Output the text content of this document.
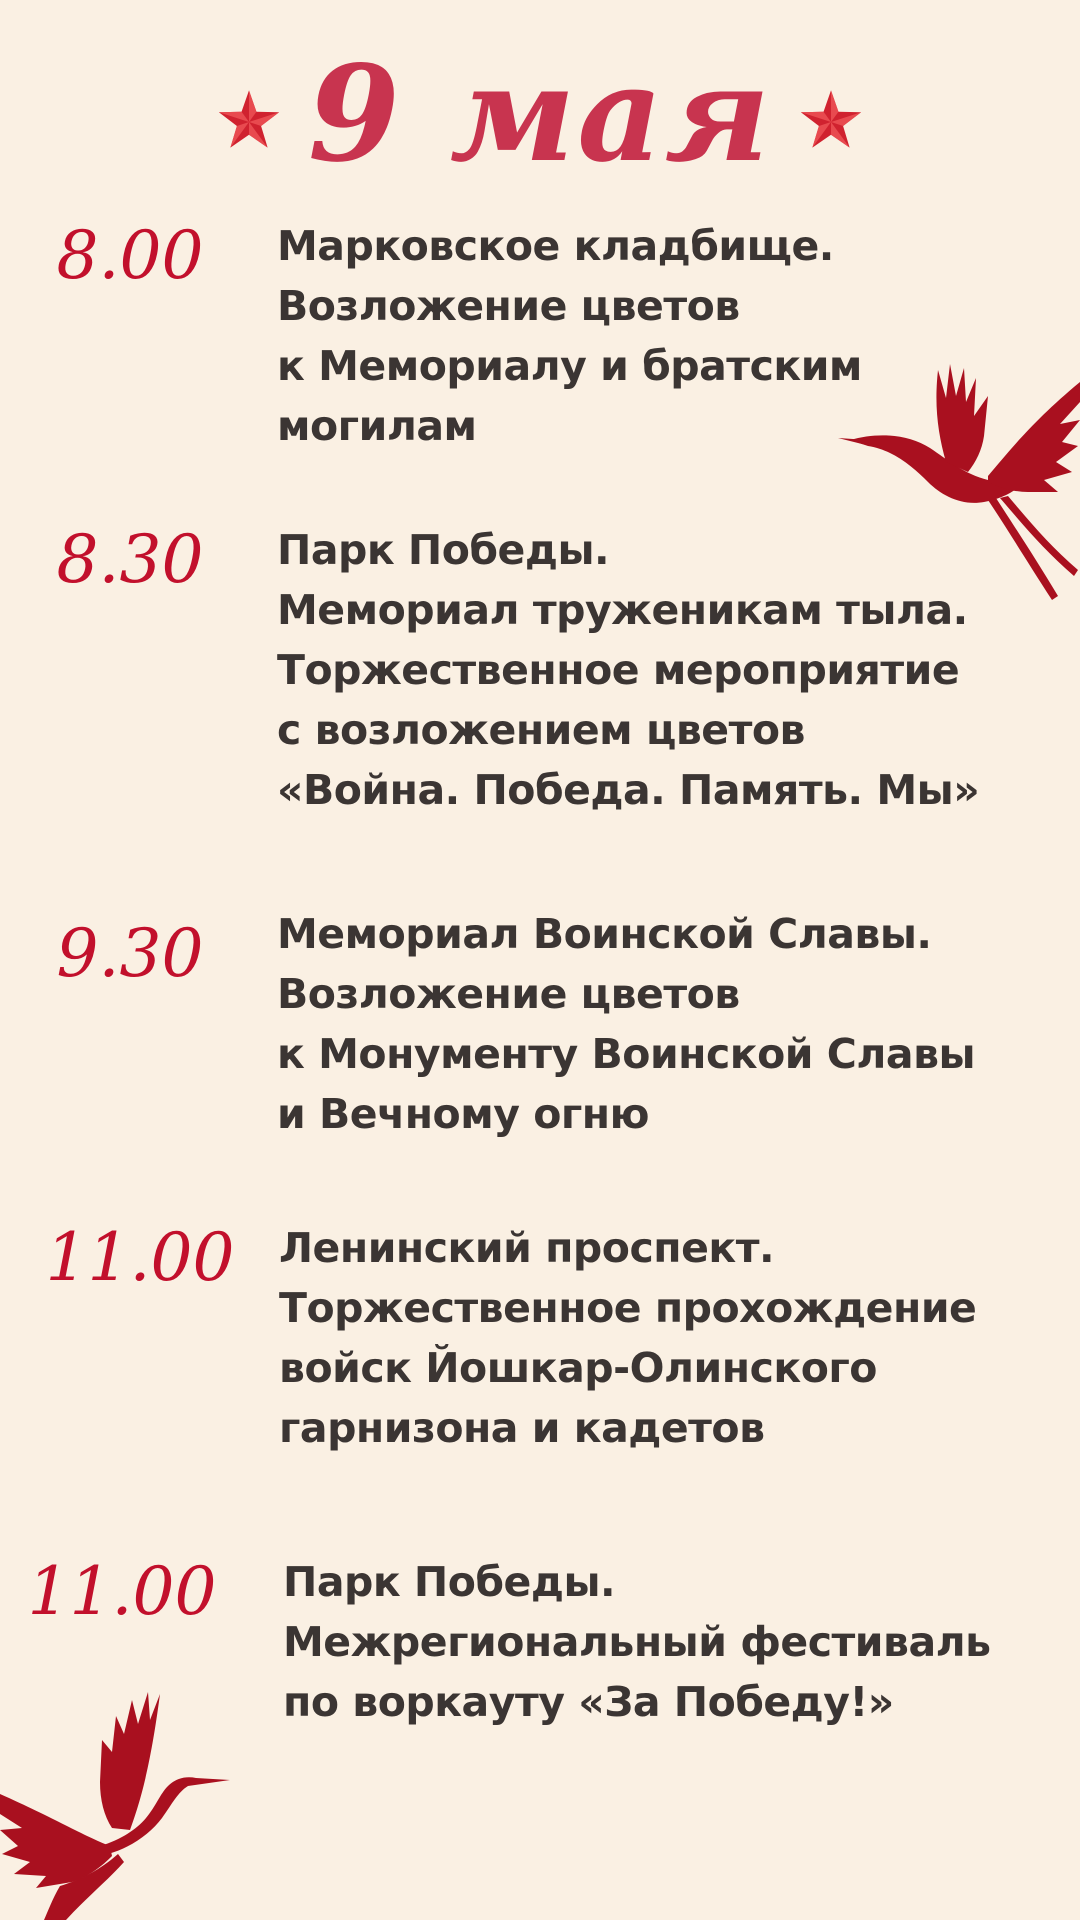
9 мая
8.00	Марковское кладбище.
Возложение цветов
к Мемориалу и братским
могилам
8.30	Парк Победы.
Мемориал труженикам тыла.
Торжественное мероприятие
с возложением цветов
«Война. Победа. Память. Мы»
9.30	Мемориал Воинской Славы.
Возложение цветов
к Монументу Воинской Славы
и Вечному огню
11.00	Ленинский проспект.
Торжественное прохождение
войск Йошкар-Олинского
гарнизона и кадетов
11.00	Парк Победы.
Межрегиональный фестиваль
по воркауту «За Победу!»
